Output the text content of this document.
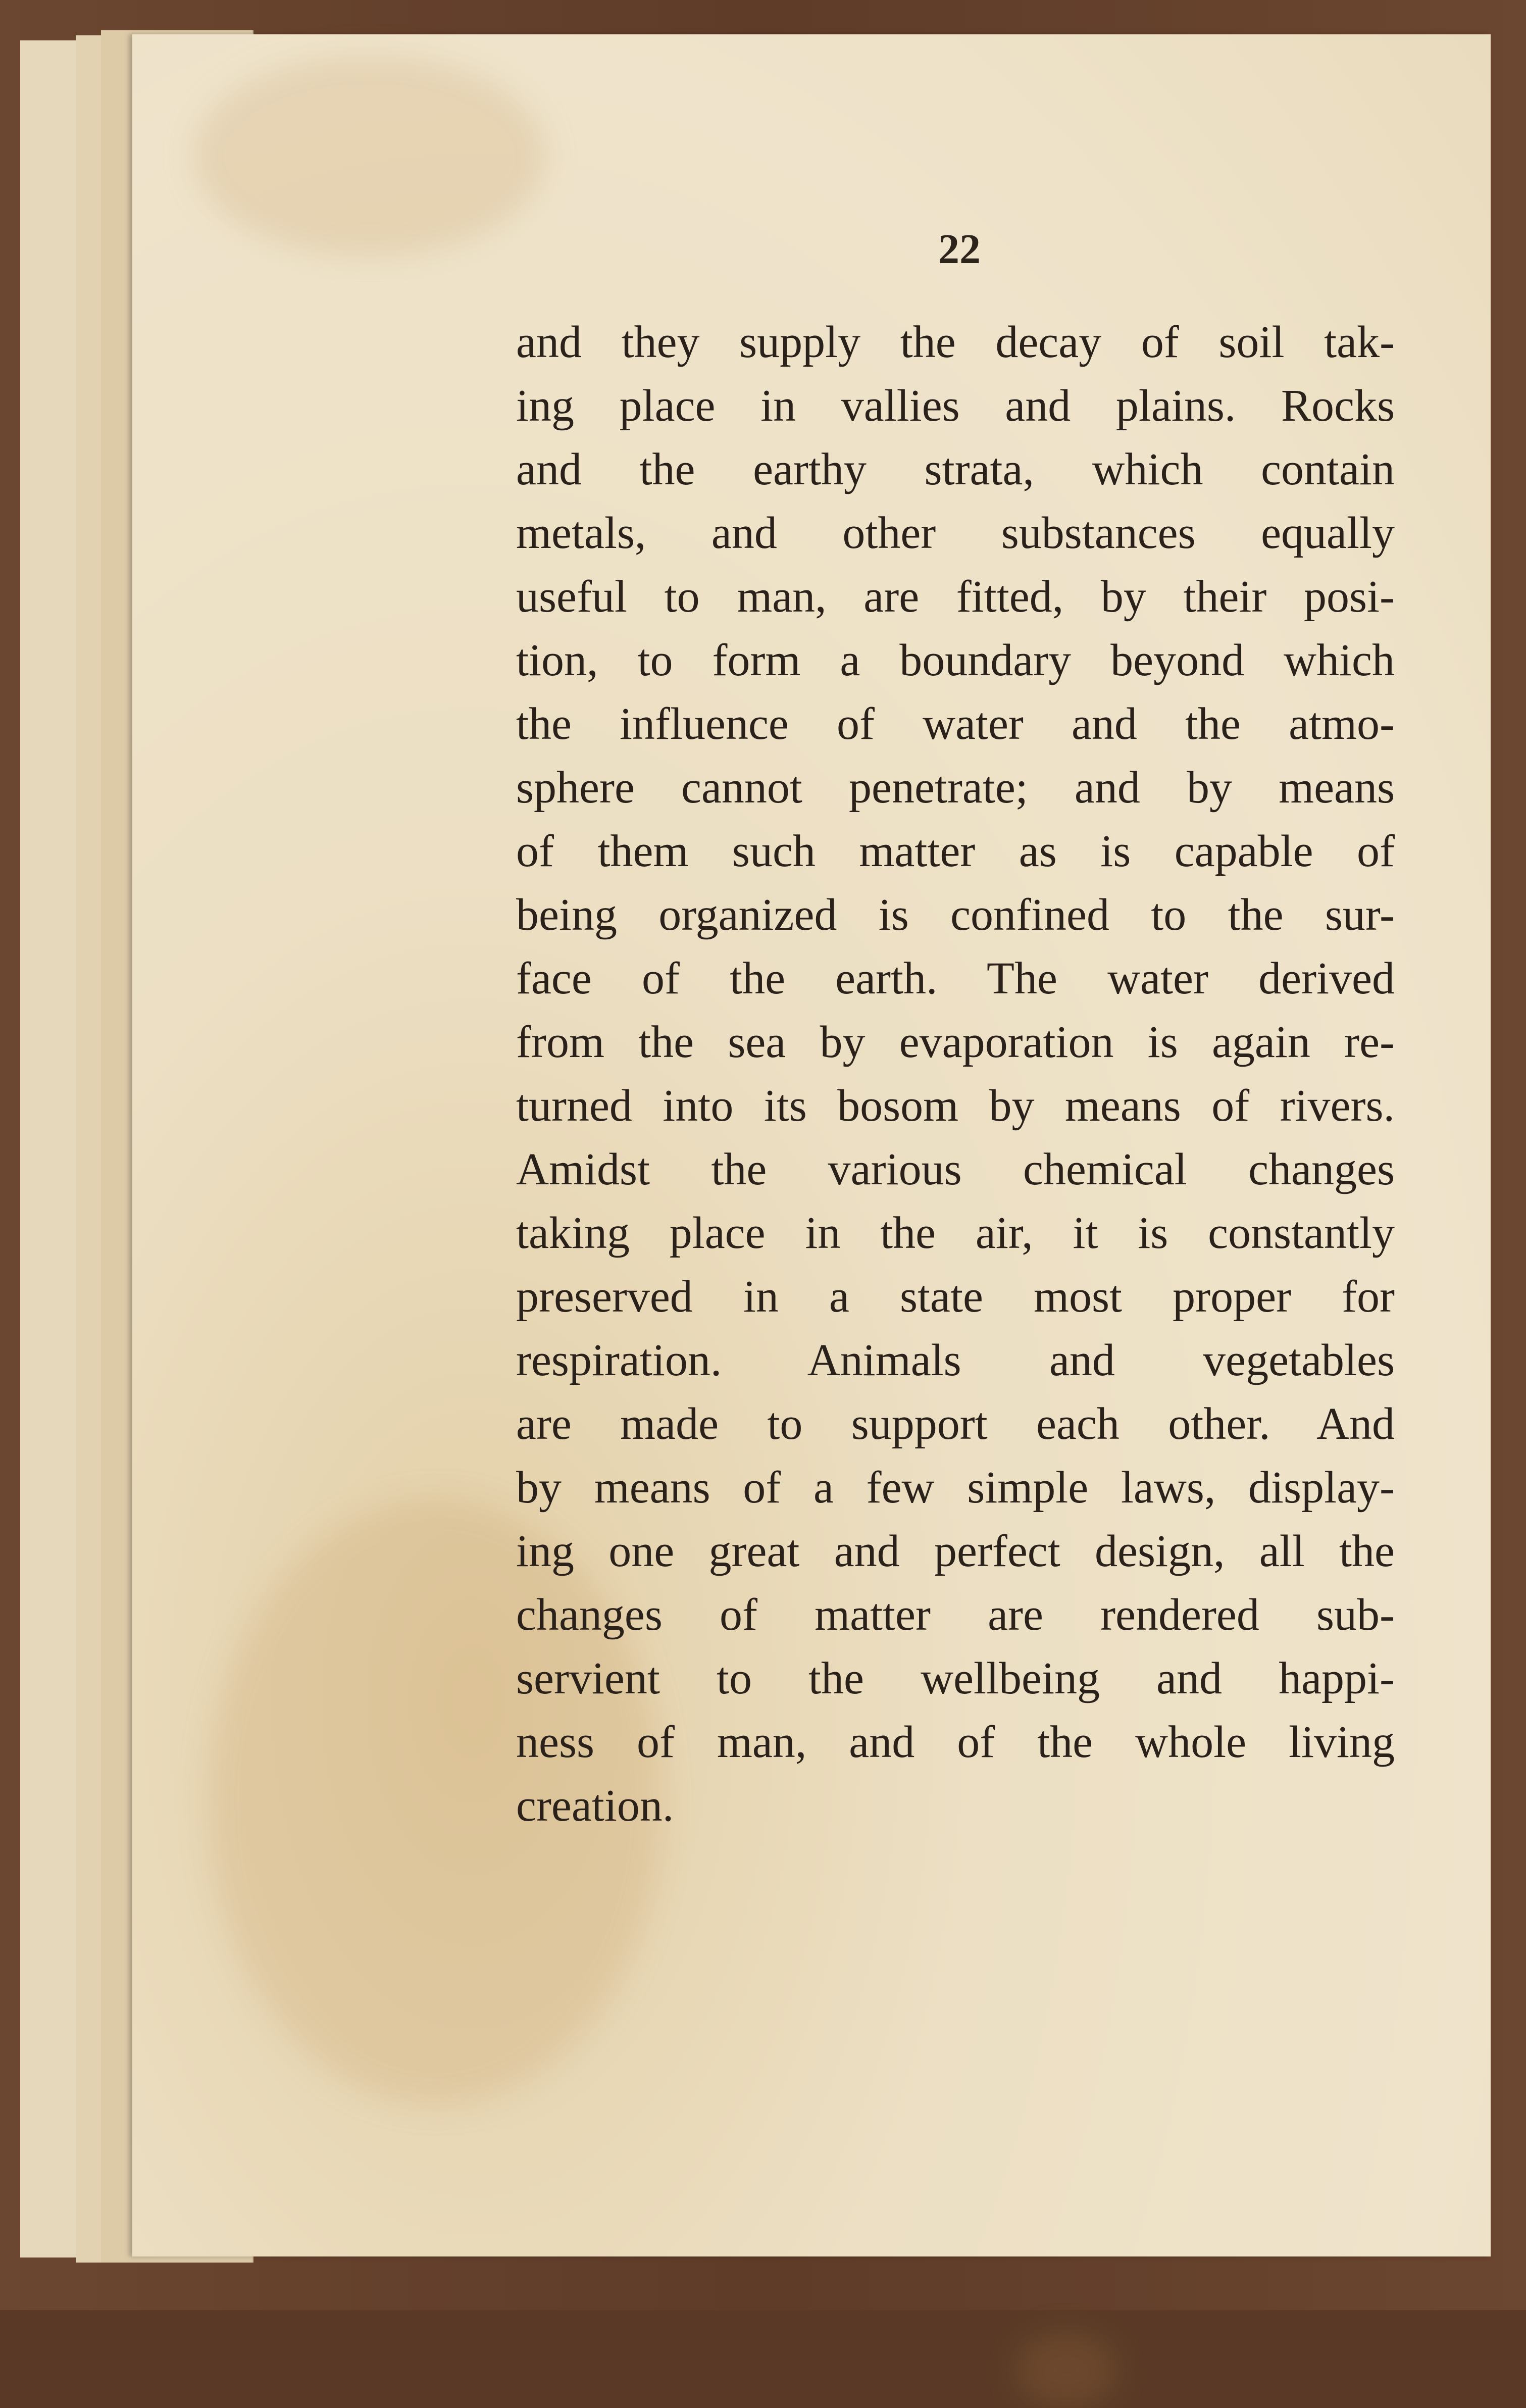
22
and they supply the decay of soil tak-
ing place in vallies and plains. Rocks
and the earthy strata, which contain
metals, and other substances equally
useful to man, are fitted, by their posi-
tion, to form a boundary beyond which
the influence of water and the atmo-
sphere cannot penetrate; and by means
of them such matter as is capable of
being organized is confined to the sur-
face of the earth. The water derived
from the sea by evaporation is again re-
turned into its bosom by means of rivers.
Amidst the various chemical changes
taking place in the air, it is constantly
preserved in a state most proper for
respiration. Animals and vegetables
are made to support each other. And
by means of a few simple laws, display-
ing one great and perfect design, all the
changes of matter are rendered sub-
servient to the wellbeing and happi-
ness of man, and of the whole living
creation.
